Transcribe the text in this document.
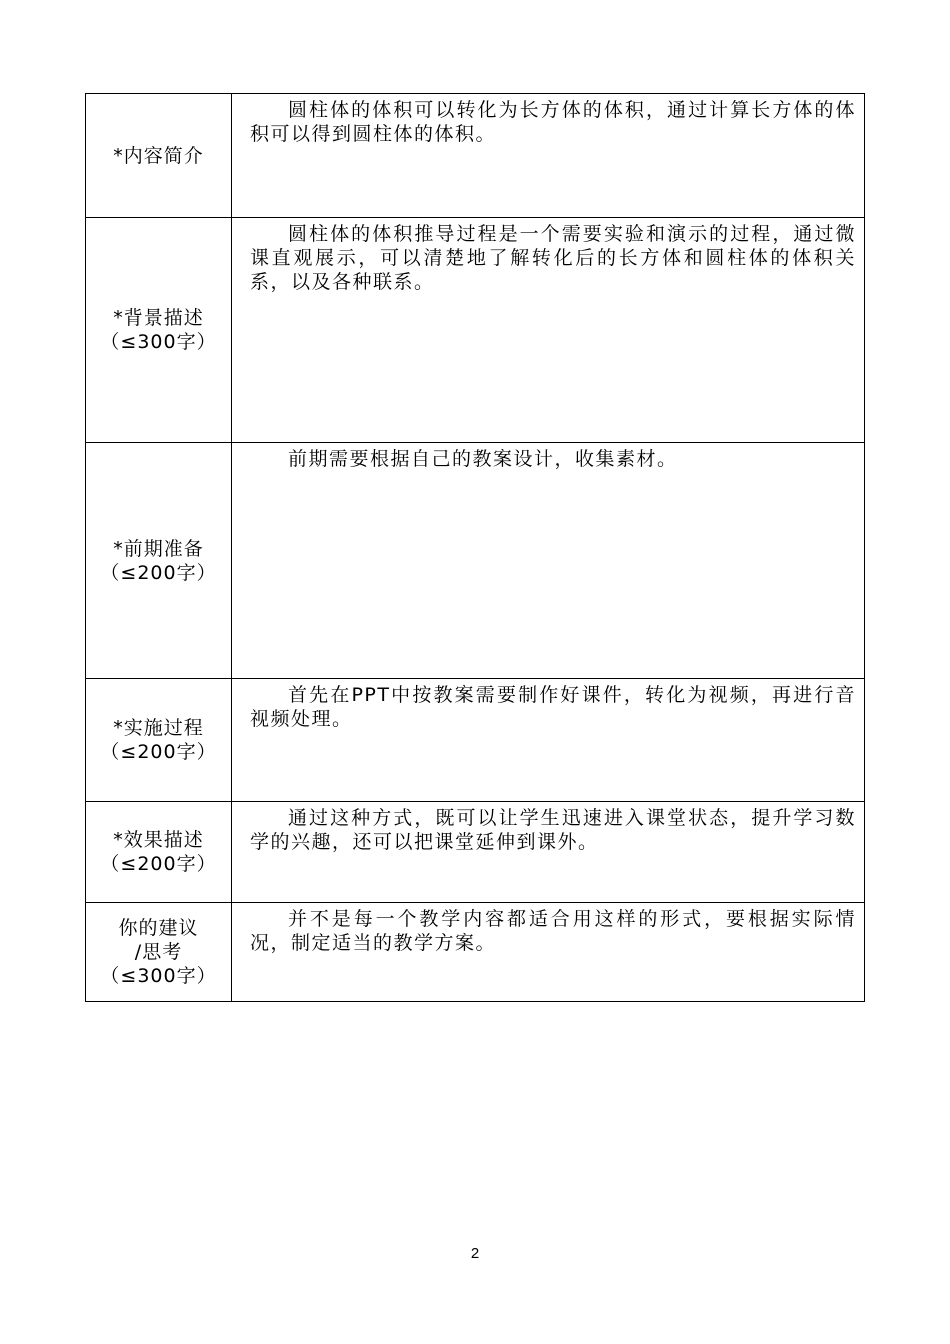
*内容简介	圆柱体的体积可以转化为长方体的体积，通过计算长方体的体积可以得到圆柱体的体积。

*背景描述
（≤300字）	圆柱体的体积推导过程是一个需要实验和演示的过程，通过微课直观展示，可以清楚地了解转化后的长方体和圆柱体的体积关系，以及各种联系。

*前期准备
（≤200字）	前期需要根据自己的教案设计，收集素材。

*实施过程
（≤200字）	首先在PPT中按教案需要制作好课件，转化为视频，再进行音视频处理。

*效果描述
（≤200字）	通过这种方式，既可以让学生迅速进入课堂状态，提升学习数学的兴趣，还可以把课堂延伸到课外。

你的建议
/思考
（≤300字）	并不是每一个教学内容都适合用这样的形式，要根据实际情况，制定适当的教学方案。
2
